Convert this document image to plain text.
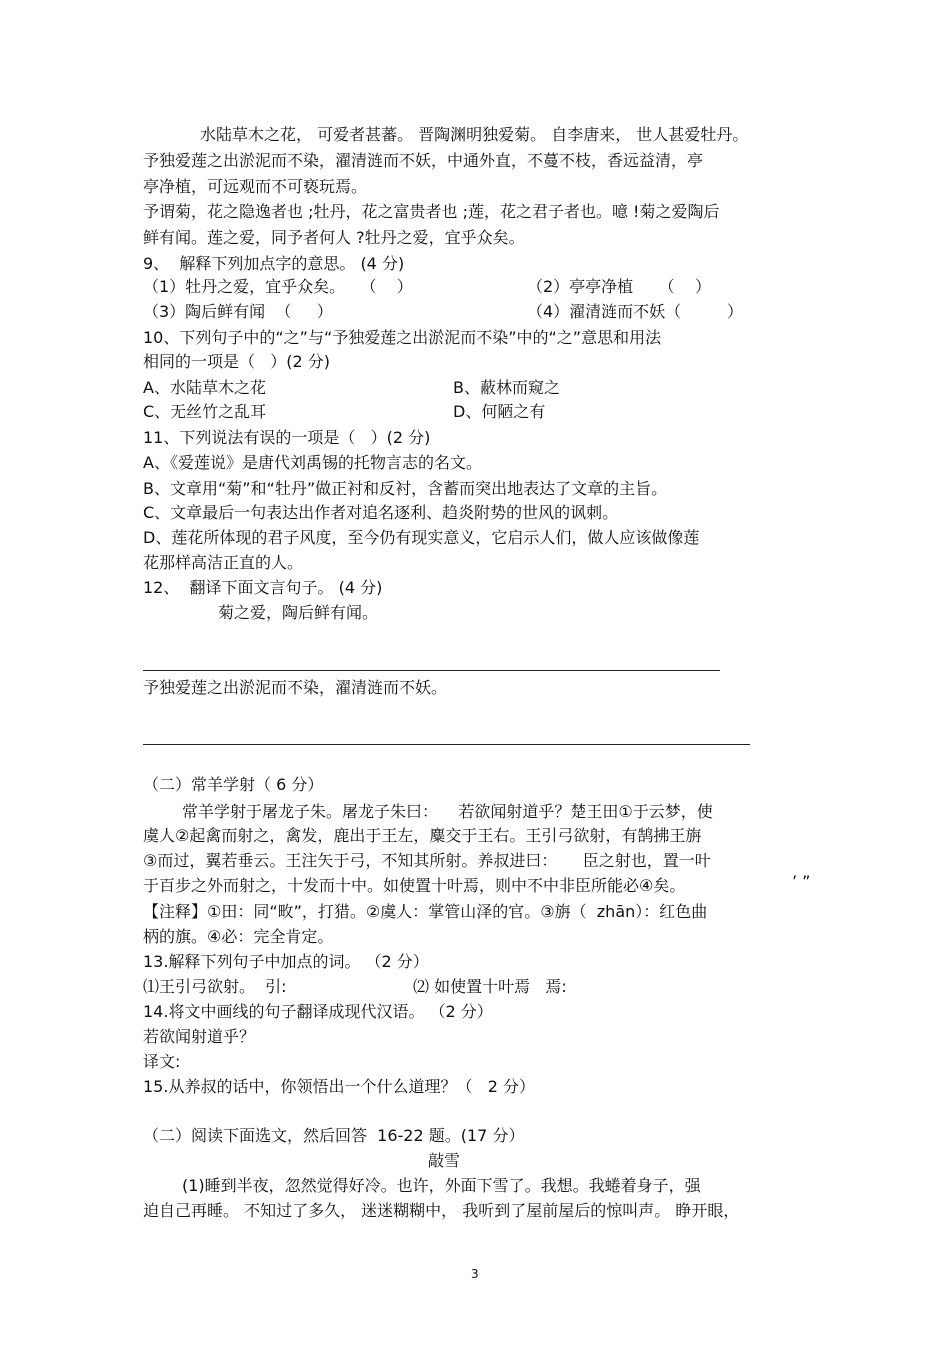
水陆草木之花， 可爱者甚蕃。 晋陶渊明独爱菊。 自李唐来， 世人甚爱牡丹。

予独爱莲之出淤泥而不染，濯清涟而不妖，中通外直，不蔓不枝，香远益清，亭

亭净植，可远观而不可亵玩焉。

予谓菊，花之隐逸者也 ;牡丹，花之富贵者也 ;莲，花之君子者也。噫 !菊之爱陶后

鲜有闻。莲之爱，同予者何人 ?牡丹之爱，宜乎众矣。

9、  解释下列加点字的意思。 (4 分)

（1）牡丹之爱，宜乎众矣。   （    ）	（2）亭亭净植     （    ）

（3）陶后鲜有闻  （     ）	（4）濯清涟而不妖（         ）

10、下列句子中的“之”与“予独爱莲之出淤泥而不染”中的“之”意思和用法

相同的一项是（   ）(2 分)

A、水陆草木之花	B、蔽林而窥之

C、无丝竹之乱耳	D、何陋之有

11、下列说法有误的一项是（   ）(2 分)

A、《爱莲说》是唐代刘禹锡的托物言志的名文。

B、文章用“菊”和“牡丹”做正衬和反衬，含蓄而突出地表达了文章的主旨。

C、文章最后一句表达出作者对追名逐利、趋炎附势的世风的讽刺。

D、莲花所体现的君子风度，至今仍有现实意义，它启示人们，做人应该做像莲

花那样高洁正直的人。

12、  翻译下面文言句子。 (4 分)

菊之爱，陶后鲜有闻。

予独爱莲之出淤泥而不染，濯清涟而不妖。

（二）常羊学射（ 6 分）

常羊学射于屠龙子朱。屠龙子朱曰：    若欲闻射道乎？楚王田①于云梦，使

虞人②起禽而射之，禽发，鹿出于王左，麋交于王右。王引弓欲射，有鹄拂王旃

③而过，翼若垂云。王注矢于弓，不知其所射。养叔进曰：     臣之射也，置一叶

于百步之外而射之，十发而十中。如使置十叶焉，则中不中非臣所能必④矣。	’ ”

【注释】①田：同“畋”，打猎。②虞人：掌管山泽的官。③旃（  zhān）：红色曲

柄的旗。④必：完全肯定。

13.解释下列句子中加点的词。 （2 分）

⑴王引弓欲射。  引:	⑵ 如使置十叶焉   焉:

14.将文中画线的句子翻译成现代汉语。 （2 分）

若欲闻射道乎？

译文:

15.从养叔的话中，你领悟出一个什么道理？（   2 分）

（二）阅读下面选文，然后回答  16-22 题。(17 分）

敲雪

(1)睡到半夜，忽然觉得好冷。也许，外面下雪了。我想。我蜷着身子，强

迫自己再睡。 不知过了多久， 迷迷糊糊中， 我听到了屋前屋后的惊叫声。 睁开眼，

3
